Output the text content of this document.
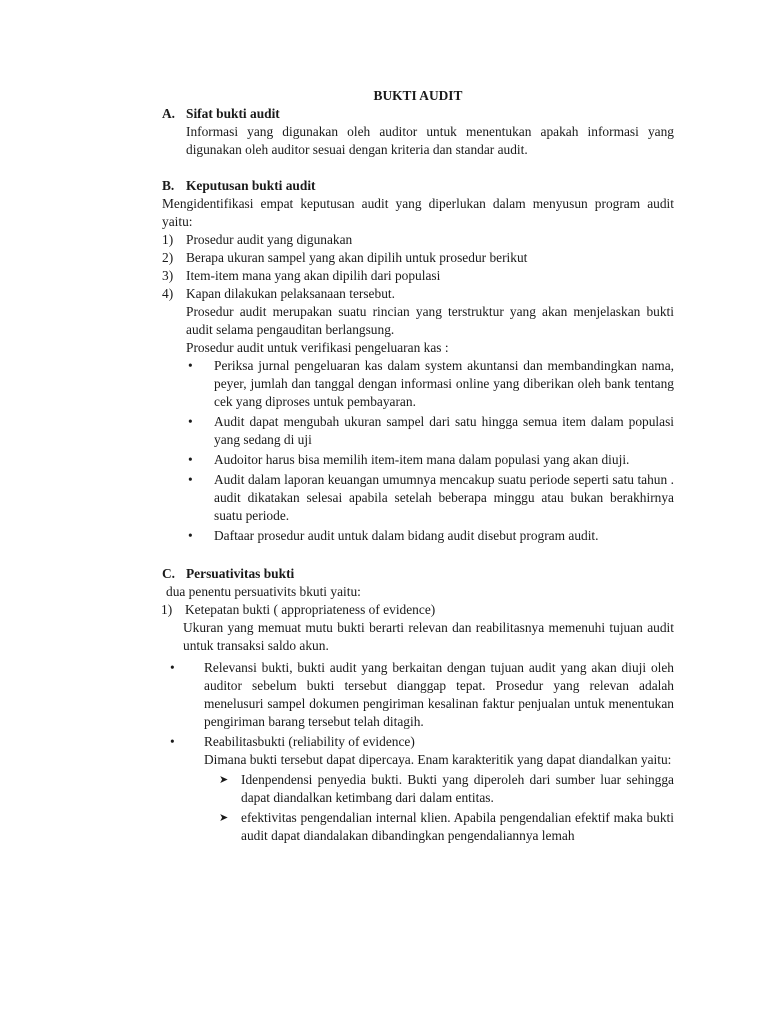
BUKTI AUDIT

A. Sifat bukti audit

Informasi yang digunakan oleh auditor untuk menentukan apakah informasi yang digunakan oleh auditor sesuai dengan kriteria dan standar audit.

B. Keputusan bukti audit

Mengidentifikasi empat keputusan audit yang diperlukan dalam menyusun program audit yaitu:

1) Prosedur audit yang digunakan
2) Berapa ukuran sampel yang akan dipilih untuk prosedur berikut
3) Item-item mana yang akan dipilih dari populasi
4) Kapan dilakukan pelaksanaan tersebut.

Prosedur audit merupakan suatu rincian yang terstruktur yang akan menjelaskan bukti audit selama pengauditan berlangsung.

Prosedur audit untuk verifikasi pengeluaran kas :

•
Periksa jurnal pengeluaran kas dalam system akuntansi dan membandingkan nama, peyer, jumlah dan tanggal dengan informasi online yang diberikan oleh bank tentang cek yang diproses untuk pembayaran.
•
Audit dapat mengubah ukuran sampel dari satu hingga semua item dalam populasi yang sedang di uji
•
Audoitor harus bisa memilih item-item mana dalam populasi yang akan diuji.
•
Audit dalam laporan keuangan umumnya mencakup suatu periode seperti satu tahun . audit dikatakan selesai apabila setelah beberapa minggu atau bukan berakhirnya suatu periode.
•
Daftaar prosedur audit untuk dalam bidang audit disebut program audit.
C. Persuativitas bukti

dua penentu persuativits bkuti yaitu:

1) Ketepatan bukti ( appropriateness of evidence)

Ukuran yang memuat mutu bukti berarti relevan dan reabilitasnya memenuhi tujuan audit untuk transaksi saldo akun.

•
Relevansi bukti, bukti audit yang berkaitan dengan tujuan audit yang akan diuji oleh auditor sebelum bukti tersebut dianggap tepat. Prosedur yang relevan adalah menelusuri sampel dokumen pengiriman kesalinan faktur penjualan untuk menentukan pengiriman barang tersebut telah ditagih.
•
Reabilitasbukti (reliability of evidence)
Dimana bukti tersebut dapat dipercaya. Enam karakteritik yang dapat diandalkan yaitu:
➤ Idenpendensi penyedia bukti. Bukti yang diperoleh dari sumber luar sehingga dapat diandalkan ketimbang dari dalam entitas.
➤ efektivitas pengendalian internal klien. Apabila pengendalian efektif maka bukti audit dapat diandalakan dibandingkan pengendaliannya lemah
